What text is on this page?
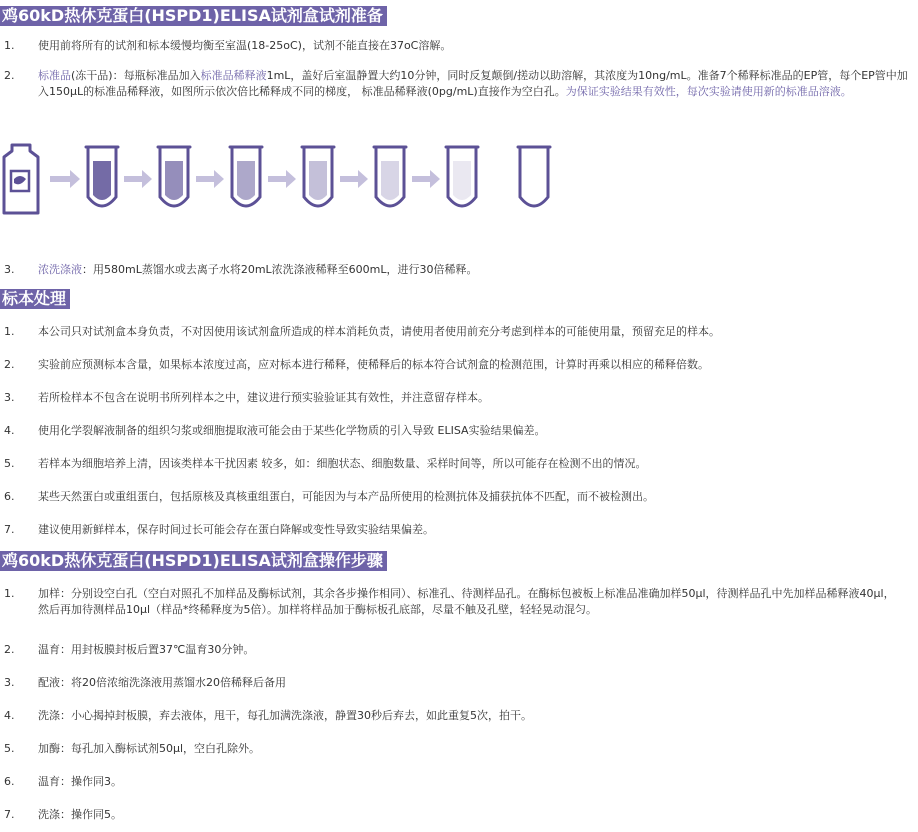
鸡60kD热休克蛋白(HSPD1)ELISA试剂盒试剂准备
1. 使用前将所有的试剂和标本缓慢均衡至室温(18-25oC)，试剂不能直接在37oC溶解。
2. 标准品(冻干品)：每瓶标准品加入标准品稀释液1mL，盖好后室温静置大约10分钟，同时反复颠倒/搓动以助溶解，其浓度为10ng/mL。准备7个稀释标准品的EP管，每个EP管中加入150μL的标准品稀释液，如图所示依次倍比稀释成不同的梯度， 标准品稀释液(0pg/mL)直接作为空白孔。为保证实验结果有效性，每次实验请使用新的标准品溶液。
3. 浓洗涤液：用580mL蒸馏水或去离子水将20mL浓洗涤液稀释至600mL，进行30倍稀释。
标本处理
1. 本公司只对试剂盒本身负责，不对因使用该试剂盒所造成的样本消耗负责，请使用者使用前充分考虑到样本的可能使用量，预留充足的样本。
2. 实验前应预测标本含量，如果标本浓度过高，应对标本进行稀释，使稀释后的标本符合试剂盒的检测范围，计算时再乘以相应的稀释倍数。
3. 若所检样本不包含在说明书所列样本之中，建议进行预实验验证其有效性，并注意留存样本。
4. 使用化学裂解液制备的组织匀浆或细胞提取液可能会由于某些化学物质的引入导致 ELISA实验结果偏差。
5. 若样本为细胞培养上清，因该类样本干扰因素 较多，如：细胞状态、细胞数量、采样时间等，所以可能存在检测不出的情况。
6. 某些天然蛋白或重组蛋白，包括原核及真核重组蛋白，可能因为与本产品所使用的检测抗体及捕获抗体不匹配，而不被检测出。
7. 建议使用新鲜样本，保存时间过长可能会存在蛋白降解或变性导致实验结果偏差。
鸡60kD热休克蛋白(HSPD1)ELISA试剂盒操作步骤
1. 加样：分别设空白孔（空白对照孔不加样品及酶标试剂，其余各步操作相同）、标准孔、待测样品孔。在酶标包被板上标准品准确加样50μl，待测样品孔中先加样品稀释液40μl，然后再加待测样品10μl（样品*终稀释度为5倍）。加样将样品加于酶标板孔底部，尽量不触及孔壁，轻轻晃动混匀。
2. 温育：用封板膜封板后置37℃温育30分钟。
3. 配液：将20倍浓缩洗涤液用蒸馏水20倍稀释后备用
4. 洗涤：小心揭掉封板膜，弃去液体，甩干，每孔加满洗涤液，静置30秒后弃去，如此重复5次，拍干。
5. 加酶：每孔加入酶标试剂50μl，空白孔除外。
6. 温育：操作同3。
7. 洗涤：操作同5。
